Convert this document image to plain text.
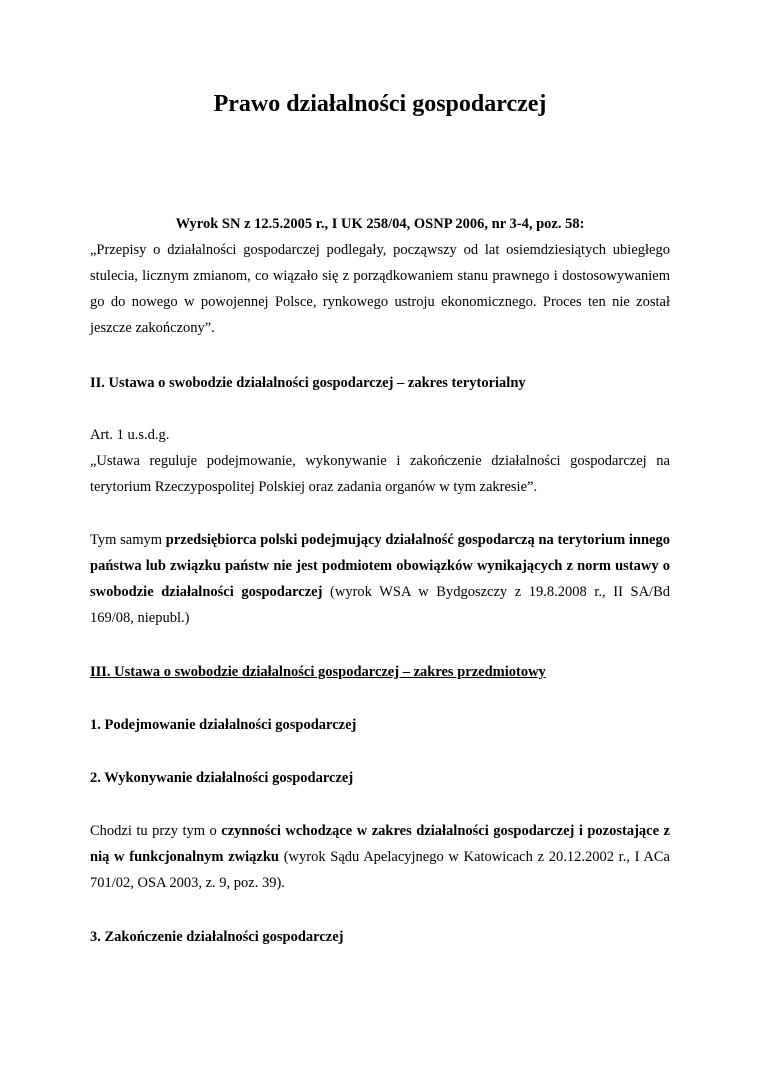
Prawo działalności gospodarczej
Wyrok SN z 12.5.2005 r., I UK 258/04, OSNP 2006, nr 3-4, poz. 58:
„Przepisy o działalności gospodarczej podlegały, począwszy od lat osiemdziesiątych ubiegłego stulecia, licznym zmianom, co wiązało się z porządkowaniem stanu prawnego i dostosowywaniem go do nowego w powojennej Polsce, rynkowego ustroju ekonomicznego. Proces ten nie został jeszcze zakończony”.
II. Ustawa o swobodzie działalności gospodarczej – zakres terytorialny
Art. 1 u.s.d.g.
„Ustawa reguluje podejmowanie, wykonywanie i zakończenie działalności gospodarczej na terytorium Rzeczypospolitej Polskiej oraz zadania organów w tym zakresie”.
Tym samym przedsiębiorca polski podejmujący działalność gospodarczą na terytorium innego państwa lub związku państw nie jest podmiotem obowiązków wynikających z norm ustawy o swobodzie działalności gospodarczej (wyrok WSA w Bydgoszczy z 19.8.2008 r., II SA/Bd 169/08, niepubl.)
III. Ustawa o swobodzie działalności gospodarczej – zakres przedmiotowy
1. Podejmowanie działalności gospodarczej
2. Wykonywanie działalności gospodarczej
Chodzi tu przy tym o czynności wchodzące w zakres działalności gospodarczej i pozostające z nią w funkcjonalnym związku (wyrok Sądu Apelacyjnego w Katowicach z 20.12.2002 r., I ACa 701/02, OSA 2003, z. 9, poz. 39).
3. Zakończenie działalności gospodarczej
